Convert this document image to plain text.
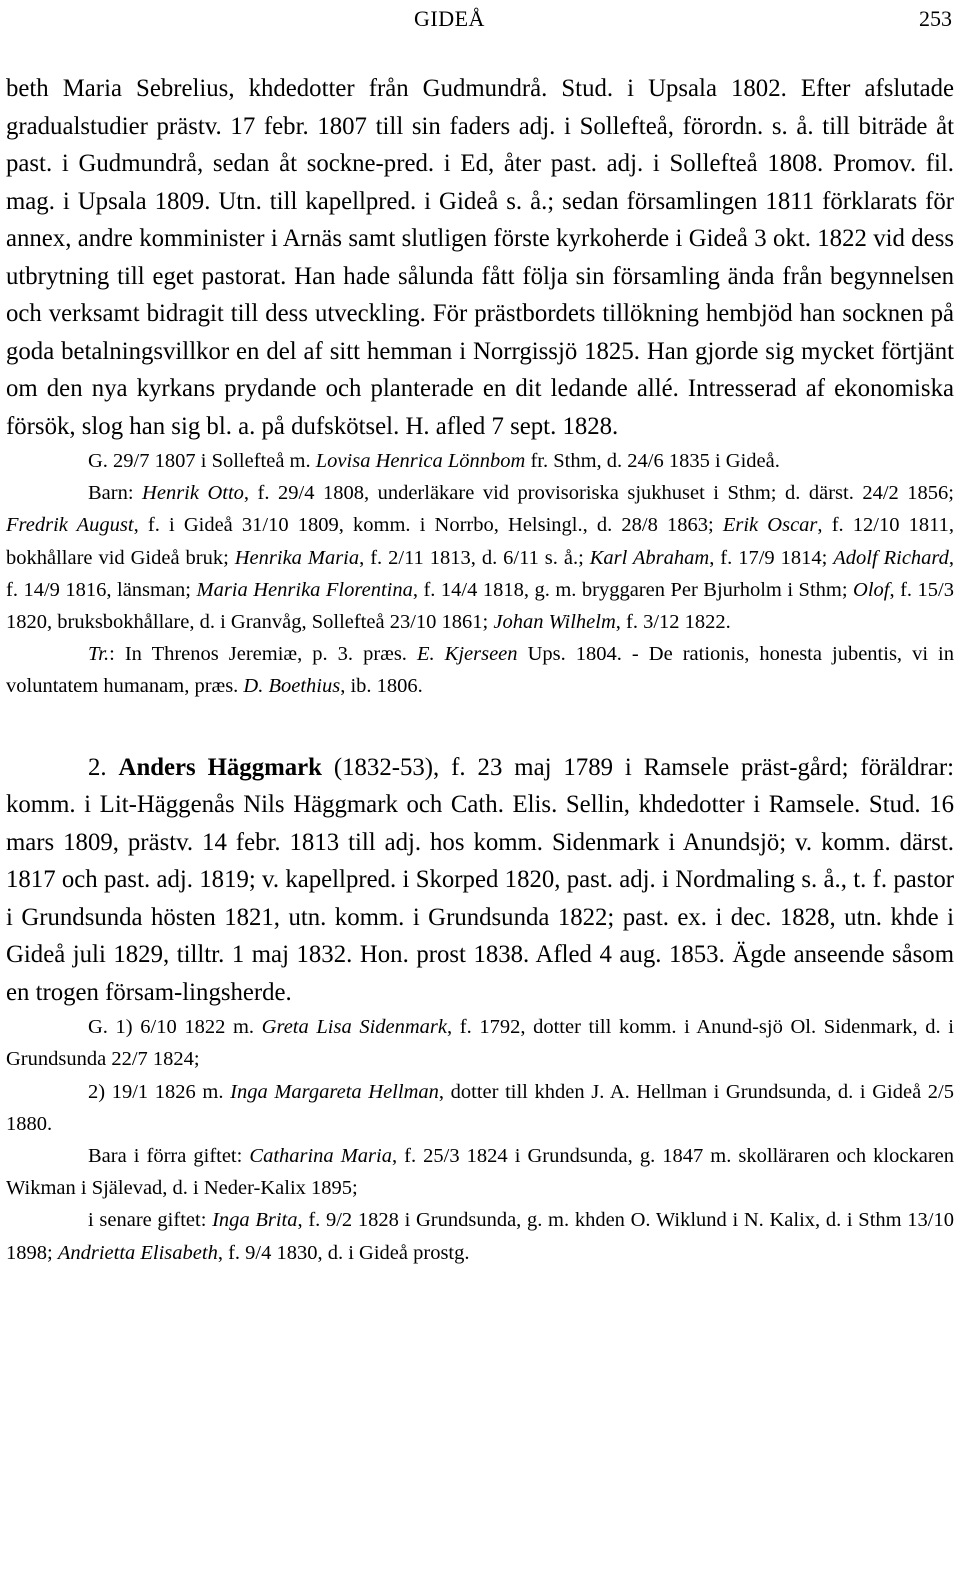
GIDEÅ	253

beth Maria Sebrelius, khdedotter från Gudmundrå. Stud. i Upsala 1802. Efter afslutade gradualstudier prästv. 17 febr. 1807 till sin faders adj. i Sollefteå, förordn. s. å. till biträde åt past. i Gudmundrå, sedan åt sockne-pred. i Ed, åter past. adj. i Sollefteå 1808. Promov. fil. mag. i Upsala 1809. Utn. till kapellpred. i Gideå s. å.; sedan församlingen 1811 förklarats för annex, andre komminister i Arnäs samt slutligen förste kyrkoherde i Gideå 3 okt. 1822 vid dess utbrytning till eget pastorat. Han hade sålunda fått följa sin församling ända från begynnelsen och verksamt bidragit till dess utveckling. För prästbordets tillökning hembjöd han socknen på goda betalningsvillkor en del af sitt hemman i Norrgissjö 1825. Han gjorde sig mycket förtjänt om den nya kyrkans prydande och planterade en dit ledande allé. Intresserad af ekonomiska försök, slog han sig bl. a. på dufskötsel. H. afled 7 sept. 1828.

G. 29/7 1807 i Sollefteå m. Lovisa Henrica Lönnbom fr. Sthm, d. 24/6 1835 i Gideå.

Barn: Henrik Otto, f. 29/4 1808, underläkare vid provisoriska sjukhuset i Sthm; d. därst. 24/2 1856; Fredrik August, f. i Gideå 31/10 1809, komm. i Norrbo, Helsingl., d. 28/8 1863; Erik Oscar, f. 12/10 1811, bokhållare vid Gideå bruk; Henrika Maria, f. 2/11 1813, d. 6/11 s. å.; Karl Abraham, f. 17/9 1814; Adolf Richard, f. 14/9 1816, länsman; Maria Henrika Florentina, f. 14/4 1818, g. m. bryggaren Per Bjurholm i Sthm; Olof, f. 15/3 1820, bruksbokhållare, d. i Granvåg, Sollefteå 23/10 1861; Johan Wilhelm, f. 3/12 1822.

Tr.: In Threnos Jeremiæ, p. 3. præs. E. Kjerseen Ups. 1804. - De rationis, honesta jubentis, vi in voluntatem humanam, præs. D. Boethius, ib. 1806.

2. Anders Häggmark (1832-53), f. 23 maj 1789 i Ramsele präst-gård; föräldrar: komm. i Lit-Häggenås Nils Häggmark och Cath. Elis. Sellin, khdedotter i Ramsele. Stud. 16 mars 1809, prästv. 14 febr. 1813 till adj. hos komm. Sidenmark i Anundsjö; v. komm. därst. 1817 och past. adj. 1819; v. kapellpred. i Skorped 1820, past. adj. i Nordmaling s. å., t. f. pastor i Grundsunda hösten 1821, utn. komm. i Grundsunda 1822; past. ex. i dec. 1828, utn. khde i Gideå juli 1829, tilltr. 1 maj 1832. Hon. prost 1838. Afled 4 aug. 1853. Ägde anseende såsom en trogen försam-lingsherde.

G. 1) 6/10 1822 m. Greta Lisa Sidenmark, f. 1792, dotter till komm. i Anund-sjö Ol. Sidenmark, d. i Grundsunda 22/7 1824;

2) 19/1 1826 m. Inga Margareta Hellman, dotter till khden J. A. Hellman i Grundsunda, d. i Gideå 2/5 1880.

Bara i förra giftet: Catharina Maria, f. 25/3 1824 i Grundsunda, g. 1847 m. skolläraren och klockaren Wikman i Själevad, d. i Neder-Kalix 1895;

i senare giftet: Inga Brita, f. 9/2 1828 i Grundsunda, g. m. khden O. Wiklund i N. Kalix, d. i Sthm 13/10 1898; Andrietta Elisabeth, f. 9/4 1830, d. i Gideå prostg.
